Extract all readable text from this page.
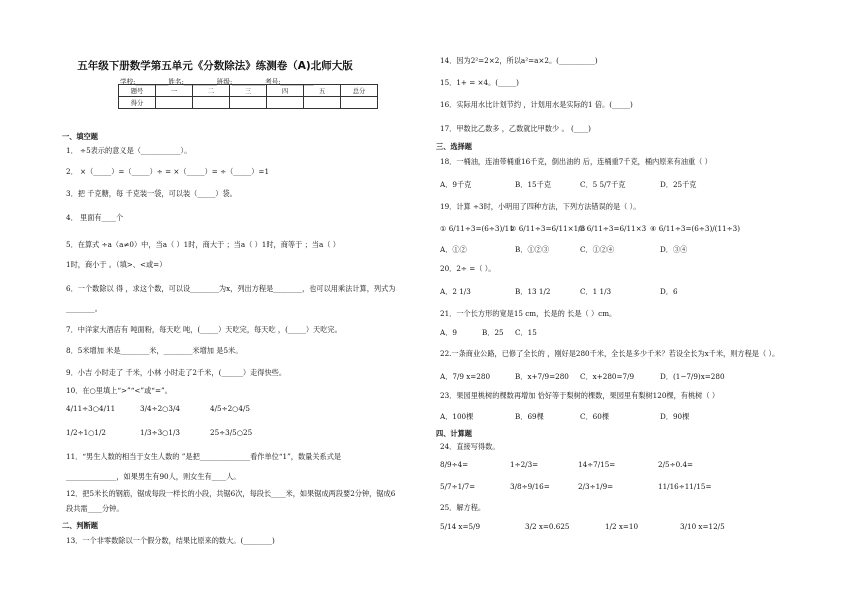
五年级下册数学第五单元《分数除法》练测卷（A)北师大版
学校:__________姓名:__________班级:__________考号:__________
题号	一	二	三	四	五	总分
得分						
一、填空题
1． ÷5表示的意义是（___________）。
2． ×（_____）=（_____）÷ = ×（_____）= ÷（_____）=1
3．把 千克糖，每 千克装一袋，可以装（_____）袋。
4． 里面有____个
5．在算式 ÷a（a≠0）中，当a（ ）1时，商大于 ；当a（ ）1时，商等于 ；当a（ ）
1时，商小于 。（填>、<或=）
6．一个数除以 得 ，求这个数，可以设________为x，列出方程是________，也可以用乘法计算，列式为
________。
7．中洋家大酒店有 吨面粉，每天吃 吨，(_____）天吃完，每天吃 ，(_____）天吃完。
8．5米增加 米是________米，________米增加 是5米。
9．小吉 小时走了 千米，小林 小时走了2千米，(______）走得快些。
10．在○里填上“>”“<”或“=”。
4/11÷3○4/11	3/4÷2○3/4	4/5÷2○4/5
1/2÷1○1/2	1/3÷3○1/3	25÷3/5○25
11．“男生人数的相当于女生人数的 ”是把______________看作单位“1”，数量关系式是
______________，如果男生有90人，则女生有____人。
12．把5米长的钢筋，锯成每段一样长的小段，共锯6次，每段长____米，如果锯成两段要2分钟，锯成6
段共需____分钟。
二、判断题
13．一个非零数除以一个假分数，结果比原来的数大。(________)
14．因为2²=2×2，所以a²=a×2。(__________)
15．1+ = ×4。(_____)
16．实际用水比计划节约 ，计划用水是实际的1 倍。(_____)
17．甲数比乙数多 ，乙数就比甲数少 。 (____)
三、选择题
18．一桶油，连油带桶重16千克，倒出油的 后，连桶重7千克，桶内原来有油重（ ）
A．9千克	B．15千克	C．5 5/7千克	D．25千克
19．计算 ÷3时，小明用了四种方法，下列方法错误的是（ ）。
① 6/11÷3=(6÷3)/11
② 6/11÷3=6/11×1/3
③ 6/11÷3=6/11×3 ④ 6/11÷3=(6÷3)/(11÷3)
A．①②	B．①②③	C．①②④	D．③④
20．2÷ =（ ）。
A．2 1/3	B．13 1/2	C．1 1/3	D．6
21．一个长方形的宽是15 cm，长是的 长是（ ）cm。
A．9	B．25 C．15
22.一条商业公路，已修了全长的 ，刚好是280千米，全长是多少千米？若设全长为x千米，则方程是（ ）。
A．7/9 x=280	B．x+7/9=280 C．x+280=7/9	D．(1−7/9)x=280
23．果园里桃树的棵数再增加 恰好等于梨树的棵数，果园里有梨树120棵，有桃树（ ）
A．100棵	B．69棵	C．60棵	D．90棵
四、计算题
24．直接写得数。
8/9÷4=	1÷2/3=	14÷7/15=	2/5÷0.4=
5/7÷1/7=	3/8÷9/16=	2/3÷1/9=	11/16÷11/15=
25．解方程。
5/14 x=5/9	3/2 x=0.625	1/2 x=10	3/10 x=12/5
